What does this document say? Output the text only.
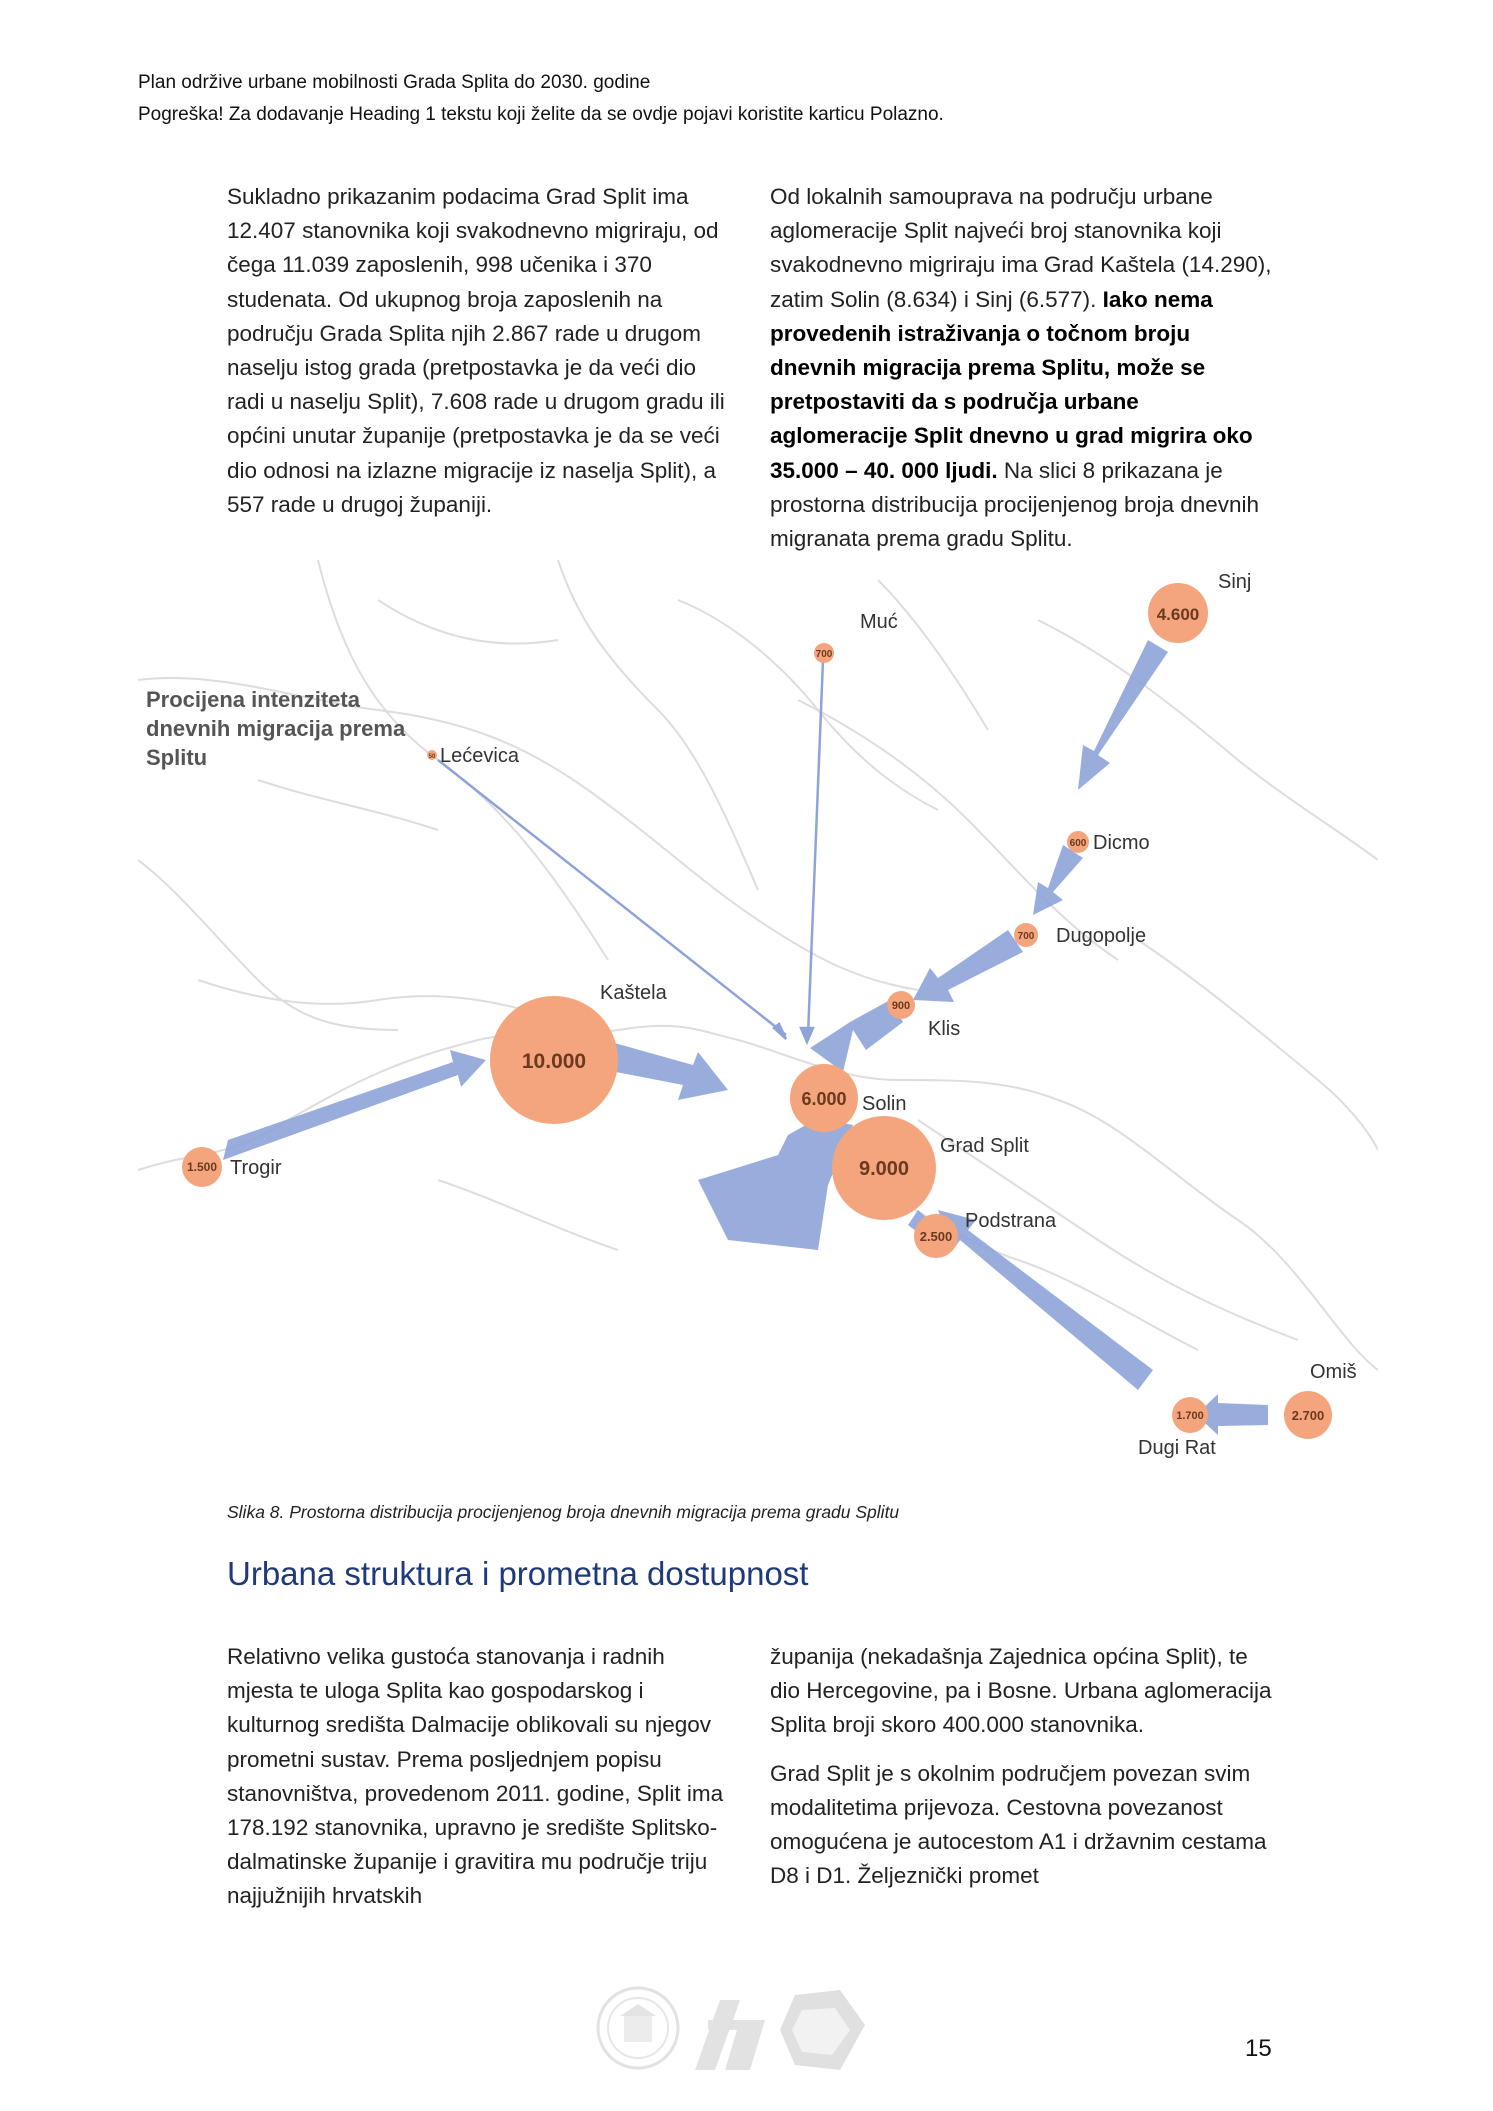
Plan održive urbane mobilnosti Grada Splita do 2030. godine
Pogreška! Za dodavanje Heading 1 tekstu koji želite da se ovdje pojavi koristite karticu Polazno.

Sukladno prikazanim podacima Grad Split ima 12.407 stanovnika koji svakodnevno migriraju, od čega 11.039 zaposlenih, 998 učenika i 370 studenata. Od ukupnog broja zaposlenih na području Grada Splita njih 2.867 rade u drugom naselju istog grada (pretpostavka je da veći dio radi u naselju Split), 7.608 rade u drugom gradu ili općini unutar županije (pretpostavka je da se veći dio odnosi na izlazne migracije iz naselja Split), a 557 rade u drugoj županiji.

Od lokalnih samouprava na području urbane aglomeracije Split najveći broj stanovnika koji svakodnevno migriraju ima Grad Kaštela (14.290), zatim Solin (8.634) i Sinj (6.577). Iako nema provedenih istraživanja o točnom broju dnevnih migracija prema Splitu, može se pretpostaviti da s područja urbane aglomeracije Split dnevno u grad migrira oko 35.000 – 40. 000 ljudi. Na slici 8 prikazana je prostorna distribucija procijenjenog broja dnevnih migranata prema gradu Splitu.

Procijena intenziteta
dnevnih migracija prema
Splitu
4.600
Sinj
700
Muć
50 Lećevica
600 Dicmo
700 Dugopolje
900
Klis
10.000
Kaštela
6.000 Solin
1.500 Trogir	9.000
Grad Split
2.500
Podstrana
2.700
Omiš
1.700
Dugi Rat
Slika 8. Prostorna distribucija procijenjenog broja dnevnih migracija prema gradu Splitu
Urbana struktura i prometna dostupnost

Relativno velika gustoća stanovanja i radnih mjesta te uloga Splita kao gospodarskog i kulturnog središta Dalmacije oblikovali su njegov prometni sustav. Prema posljednjem popisu stanovništva, provedenom 2011. godine, Split ima 178.192 stanovnika, upravno je središte Splitsko-dalmatinske županije i gravitira mu područje triju najjužnijih hrvatskih

županija (nekadašnja Zajednica općina Split), te dio Hercegovine, pa i Bosne. Urbana aglomeracija Splita broji skoro 400.000 stanovnika.

Grad Split je s okolnim područjem povezan svim modalitetima prijevoza. Cestovna povezanost omogućena je autocestom A1 i državnim cestama D8 i D1. Željeznički promet

15
